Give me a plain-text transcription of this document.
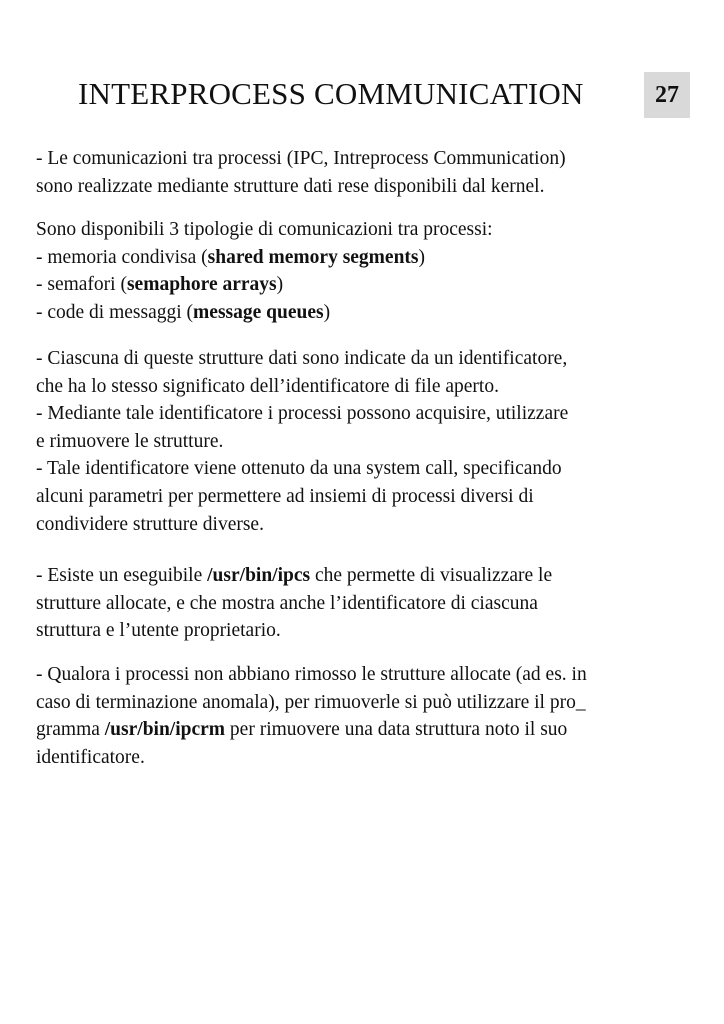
INTERPROCESS COMMUNICATION	27
- Le comunicazioni tra processi (IPC, Intreprocess Communication)
sono realizzate mediante strutture dati rese disponibili dal kernel.
Sono disponibili 3 tipologie di comunicazioni tra processi:
- memoria condivisa (shared memory segments)
- semafori (semaphore arrays)
- code di messaggi (message queues)
- Ciascuna di queste strutture dati sono indicate da un identificatore,
che ha lo stesso significato dell’identificatore di file aperto.
- Mediante tale identificatore i processi possono acquisire, utilizzare
e rimuovere le strutture.
- Tale identificatore viene ottenuto da una system call, specificando
alcuni parametri per permettere ad insiemi di processi diversi di
condividere strutture diverse.
- Esiste un eseguibile /usr/bin/ipcs che permette di visualizzare le
strutture allocate, e che mostra anche l’identificatore di ciascuna
struttura e l’utente proprietario.
- Qualora i processi non abbiano rimosso le strutture allocate (ad es. in
caso di terminazione anomala), per rimuoverle si può utilizzare il pro_
gramma /usr/bin/ipcrm per rimuovere una data struttura noto il suo
identificatore.
